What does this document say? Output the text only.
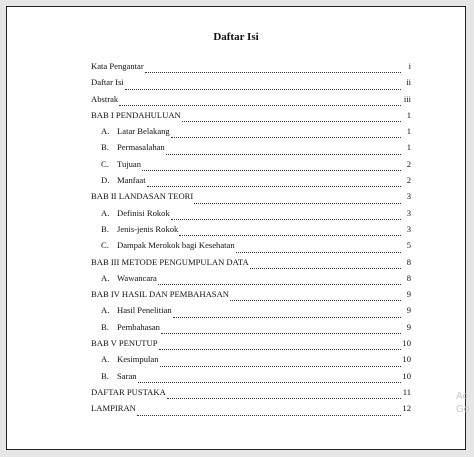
Daftar Isi
Kata Pengantar	i
Daftar Isi	ii
Abstrak	iii
BAB I PENDAHULUAN	1
A. Latar Belakang	1
B. Permasalahan	1
C. Tujuan	2
D. Manfaat	2
BAB II LANDASAN TEORI	3
A. Definisi Rokok	3
B. Jenis-jenis Rokok	3
C. Dampak Merokok bagi Kesehatan	5
BAB III METODE PENGUMPULAN DATA	8
A. Wawancara	8
BAB IV HASIL DAN PEMBAHASAN	9
A. Hasil Penelitian	9
B. Pembahasan	9
BAB V PENUTUP	10
A. Kesimpulan	10
B. Saran	10
DAFTAR PUSTAKA	11
LAMPIRAN	12
Ac
Go
